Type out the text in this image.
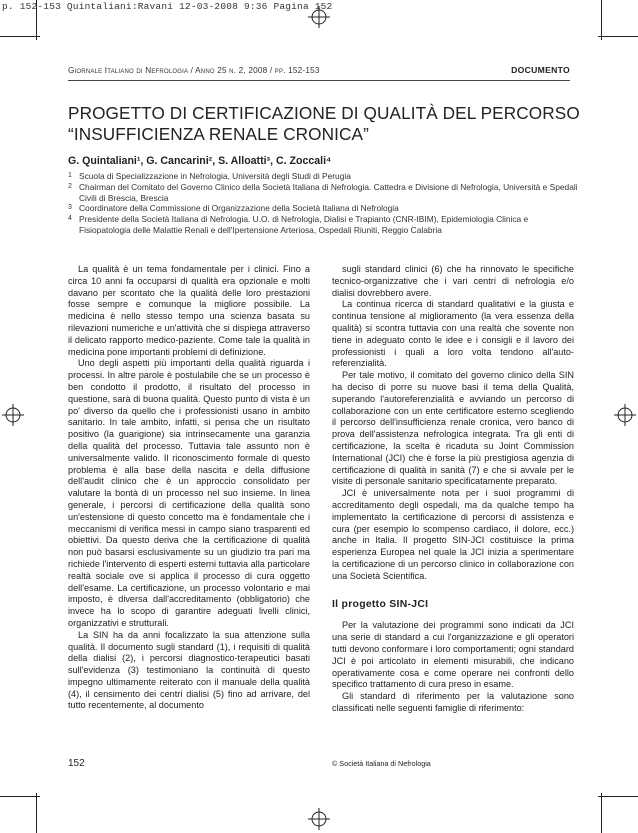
p. 152-153 Quintaliani:Ravani 12-03-2008 9:36 Pagina 152
Giornale Italiano di Nefrologia / Anno 25 n. 2, 2008 / pp. 152-153	DOCUMENTO
PROGETTO DI CERTIFICAZIONE DI QUALITÀ DEL PERCORSO
“INSUFFICIENZA RENALE CRONICA”
G. Quintaliani¹, G. Cancarini², S. Alloatti³, C. Zoccali⁴
1 Scuola di Specializzazione in Nefrologia, Università degli Studi di Perugia
2 Chairman del Comitato del Governo Clinico della Società Italiana di Nefrologia. Cattedra e Divisione di Nefrologia, Università e Spedali Civili di Brescia, Brescia
3 Coordinatore della Commissione di Organizzazione della Società Italiana di Nefrologia
4 Presidente della Società Italiana di Nefrologia. U.O. di Nefrologia, Dialisi e Trapianto (CNR-IBIM), Epidemiologia Clinica e Fisiopatologia delle Malattie Renali e dell'Ipertensione Arteriosa, Ospedali Riuniti, Reggio Calabria

La qualità è un tema fondamentale per i clinici. Fino a circa 10 anni fa occuparsi di qualità era opzionale e molti davano per scontato che la qualità delle loro prestazioni fosse sempre e comunque la migliore possibile. La medicina è nello stesso tempo una scienza basata su rilevazioni numeriche e un'attività che si dispiega attraverso il delicato rapporto medico-paziente. Come tale la qualità in medicina pone importanti problemi di definizione.

Uno degli aspetti più importanti della qualità riguarda i processi. In altre parole è postulabile che se un processo è ben condotto il prodotto, il risultato del processo in questione, sarà di buona qualità. Questo punto di vista è un po' diverso da quello che i professionisti usano in ambito sanitario. In tale ambito, infatti, si pensa che un risultato positivo (la guarigione) sia intrinsecamente una garanzia della qualità del processo. Tuttavia tale assunto non è universalmente valido. Il riconoscimento formale di questo problema è alla base della nascita e della diffusione dell'audit clinico che è un approccio consolidato per valutare la bontà di un processo nel suo insieme. In linea generale, i percorsi di certificazione della qualità sono un'estensione di questo concetto ma è fondamentale che i meccanismi di verifica messi in campo siano trasparenti ed obiettivi. Da questo deriva che la certificazione di qualità non può basarsi esclusivamente su un giudizio tra pari ma richiede l'intervento di esperti esterni tuttavia alla particolare realtà sociale ove si applica il processo di cura oggetto dell'esame. La certificazione, un processo volontario e mai imposto, è diversa dall'accreditamento (obbligatorio) che invece ha lo scopo di garantire adeguati livelli clinici, organizzativi e strutturali.

La SIN ha da anni focalizzato la sua attenzione sulla qualità. Il documento sugli standard (1), i requisiti di qualità della dialisi (2), i percorsi diagnostico-terapeutici basati sull'evidenza (3) testimoniano la continuità di questo impegno ultimamente reiterato con il manuale della qualità (4), il censimento dei centri dialisi (5) fino ad arrivare, del tutto recentemente, al documento

sugli standard clinici (6) che ha rinnovato le specifiche tecnico-organizzative che i vari centri di nefrologia e/o dialisi dovrebbero avere.

La continua ricerca di standard qualitativi e la giusta e continua tensione al miglioramento (la vera essenza della qualità) si scontra tuttavia con una realtà che sovente non tiene in adeguato conto le idee e i consigli e il lavoro dei professionisti i quali a loro volta tendono all'auto-referenzialità.

Per tale motivo, il comitato del governo clinico della SIN ha deciso di porre su nuove basi il tema della Qualità, superando l'autoreferenzialità e avviando un percorso di collaborazione con un ente certificatore esterno scegliendo il percorso dell'insufficienza renale cronica, vero banco di prova dell'assistenza nefrologica integrata. Tra gli enti di certificazione, la scelta è ricaduta su Joint Commission International (JCI) che è forse la più prestigiosa agenzia di certificazione di qualità in sanità (7) e che si avvale per le visite di personale sanitario specificatamente preparato.

JCI è universalmente nota per i suoi programmi di accreditamento degli ospedali, ma da qualche tempo ha implementato la certificazione di percorsi di assistenza e cura (per esempio lo scompenso cardiaco, il dolore, ecc.) anche in Italia. Il progetto SIN-JCI costituisce la prima esperienza Europea nel quale la JCI inizia a sperimentare la certificazione di un percorso clinico in collaborazione con una Società Scientifica.

Il progetto SIN-JCI

Per la valutazione dei programmi sono indicati da JCI una serie di standard a cui l'organizzazione e gli operatori tutti devono conformare i loro comportamenti; ogni standard JCI è poi articolato in elementi misurabili, che indicano operativamente cosa e come operare nei confronti dello specifico trattamento di cura preso in esame.

Gli standard di riferimento per la valutazione sono classificati nelle seguenti famiglie di riferimento:

152	© Società Italiana di Nefrologia
